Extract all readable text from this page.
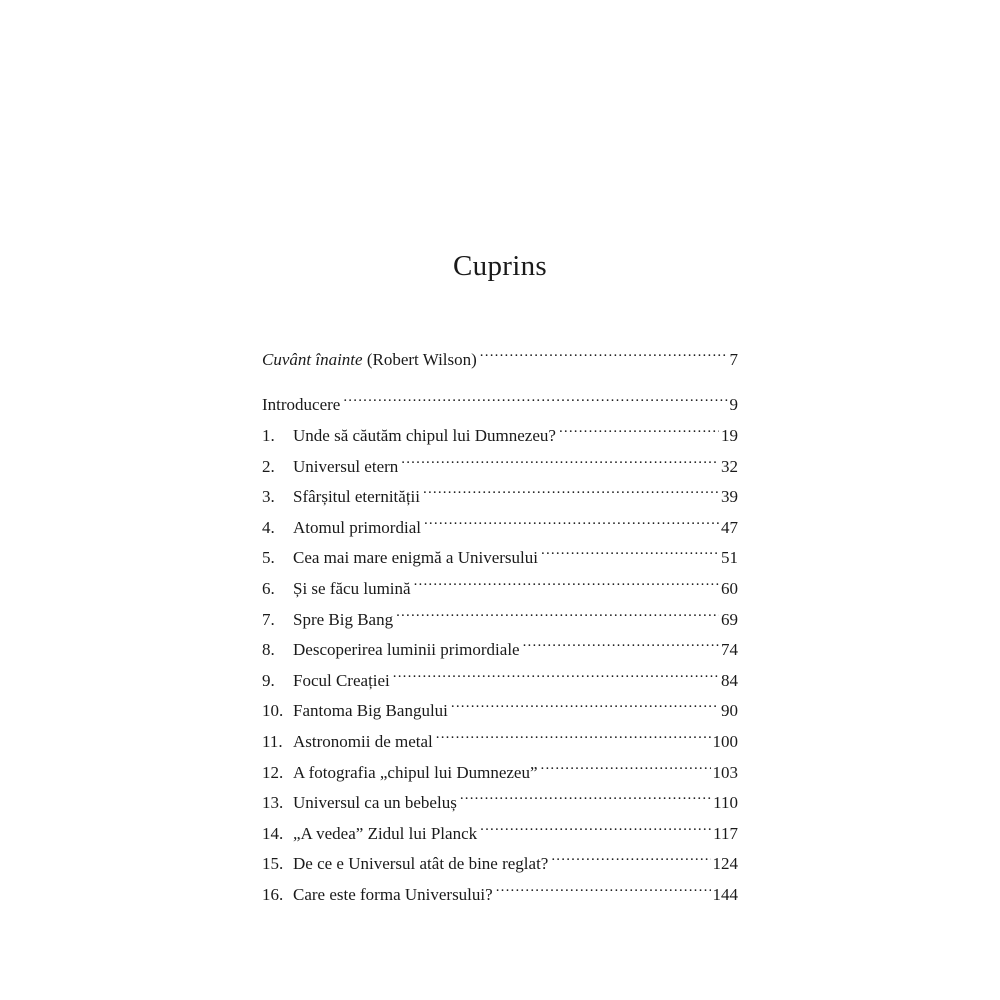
Cuprins
Cuvânt înainte (Robert Wilson) .....	7
Introducere .....	9
1.	Unde să căutăm chipul lui Dumnezeu? .....	19
2.	Universul etern .....	32
3.	Sfârșitul eternității .....	39
4.	Atomul primordial .....	47
5.	Cea mai mare enigmă a Universului .....	51
6.	Și se făcu lumină .....	60
7.	Spre Big Bang .....	69
8.	Descoperirea luminii primordiale .....	74
9.	Focul Creației .....	84
10. Fantoma Big Bangului .....	90
11. Astronomii de metal .....	100
12. A fotografia „chipul lui Dumnezeu” .....	103
13. Universul ca un bebeluș .....	110
14. „A vedea” Zidul lui Planck .....	117
15. De ce e Universul atât de bine reglat? .....	124
16. Care este forma Universului? .....	144
